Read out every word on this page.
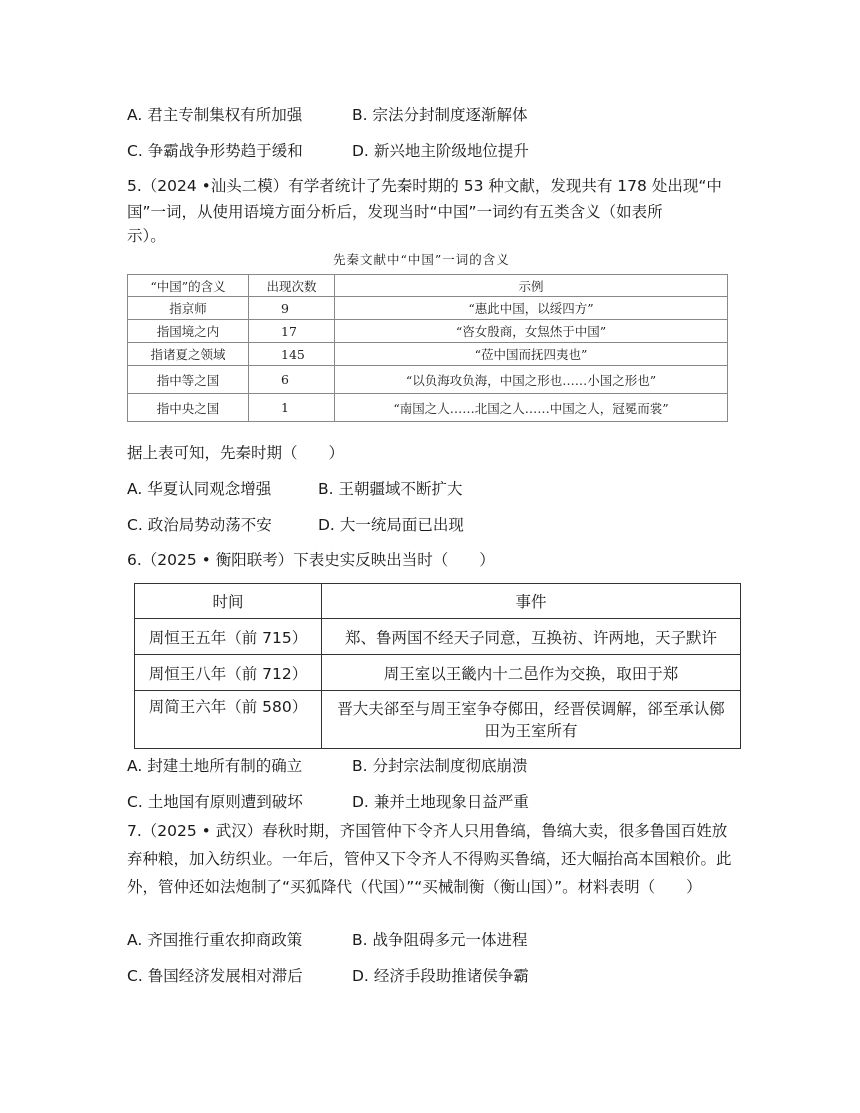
A. 君主专制集权有所加强	B. 宗法分封制度逐渐解体
C. 争霸战争形势趋于缓和	D. 新兴地主阶级地位提升
5.（2024 •汕头二模）有学者统计了先秦时期的 53 种文献，发现共有 178 处出现“中
国”一词，从使用语境方面分析后，发现当时“中国”一词约有五类含义（如表所
示）。
先秦文献中“中国”一词的含义
“中国”的含义	出现次数	示例
指京师	9	“惠此中国，以绥四方”
指国境之内	17	“咨女殷商，女炰烋于中国”
指诸夏之领域	145	“莅中国而抚四夷也”
指中等之国	6	“以负海攻负海，中国之形也……小国之形也”
指中央之国	1	“南国之人……北国之人……中国之人，冠冕而裳”
据上表可知，先秦时期（　　）
A. 华夏认同观念增强	B. 王朝疆域不断扩大
C. 政治局势动荡不安	D. 大一统局面已出现
6.（2025 • 衡阳联考）下表史实反映出当时（　　）
时间	事件
周恒王五年（前 715）	郑、鲁两国不经天子同意，互换祊、许两地，天子默许
周恒王八年（前 712）	周王室以王畿内十二邑作为交换，取田于郑
周简王六年（前 580）	晋大夫郤至与周王室争夺鄇田，经晋侯调解，郤至承认鄇田为王室所有
A. 封建土地所有制的确立	B. 分封宗法制度彻底崩溃
C. 土地国有原则遭到破坏	D. 兼并土地现象日益严重
7.（2025 • 武汉）春秋时期，齐国管仲下令齐人只用鲁缟，鲁缟大卖，很多鲁国百姓放弃种粮，加入纺织业。一年后，管仲又下令齐人不得购买鲁缟，还大幅抬高本国粮价。此外，管仲还如法炮制了“买狐降代（代国）”“买械制衡（衡山国）”。材料表明（　　）
A. 齐国推行重农抑商政策	B. 战争阻碍多元一体进程
C. 鲁国经济发展相对滞后	D. 经济手段助推诸侯争霸
